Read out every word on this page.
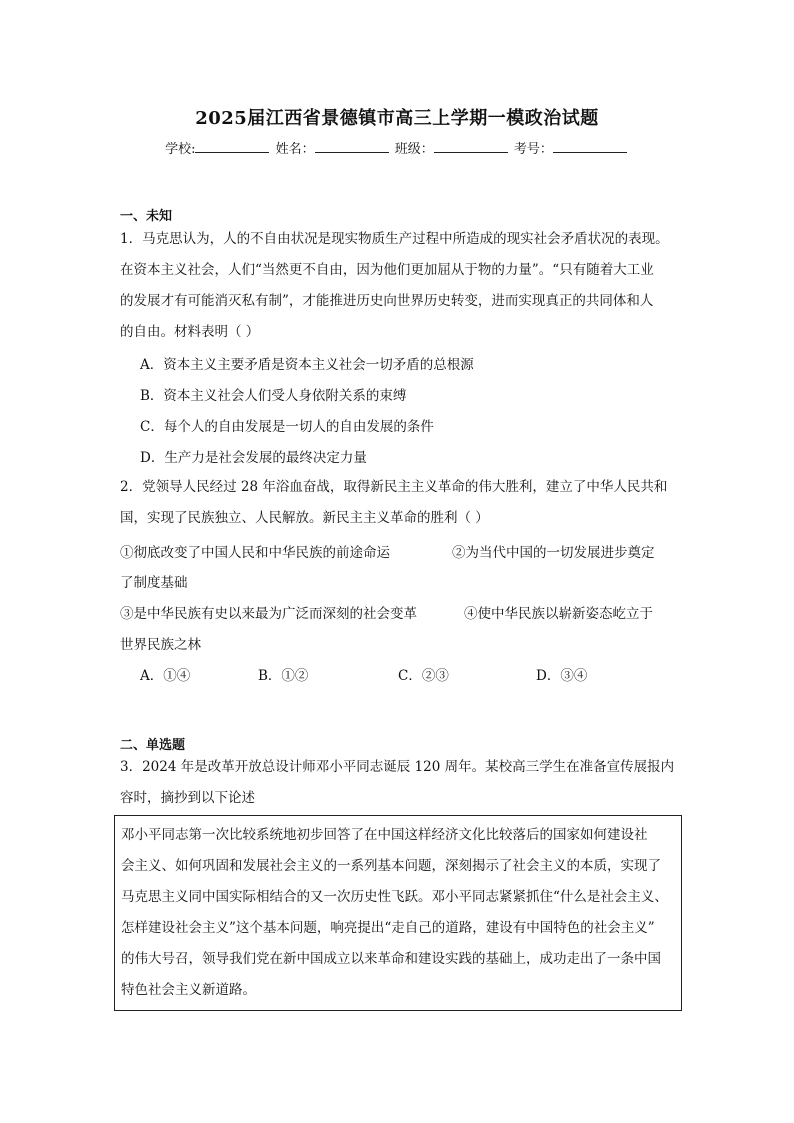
2025届江西省景德镇市高三上学期一模政治试题
学校:	姓名：	班级：	考号：
一、未知
1．马克思认为，人的不自由状况是现实物质生产过程中所造成的现实社会矛盾状况的表现。
在资本主义社会，人们“当然更不自由，因为他们更加屈从于物的力量”。“只有随着大工业
的发展才有可能消灭私有制”，才能推进历史向世界历史转变，进而实现真正的共同体和人
的自由。材料表明（ ）
A．资本主义主要矛盾是资本主义社会一切矛盾的总根源
B．资本主义社会人们受人身依附关系的束缚
C．每个人的自由发展是一切人的自由发展的条件
D．生产力是社会发展的最终决定力量
2．党领导人民经过 28 年浴血奋战，取得新民主主义革命的伟大胜利，建立了中华人民共和
国，实现了民族独立、人民解放。新民主主义革命的胜利（ ）
①彻底改变了中国人民和中华民族的前途命运	②为当代中国的一切发展进步奠定
了制度基础
③是中华民族有史以来最为广泛而深刻的社会变革	④使中华民族以崭新姿态屹立于
世界民族之林
A．①④	B．①②	C．②③	D．③④
二、单选题
3．2024 年是改革开放总设计师邓小平同志诞辰 120 周年。某校高三学生在准备宣传展报内
容时，摘抄到以下论述
邓小平同志第一次比较系统地初步回答了在中国这样经济文化比较落后的国家如何建设社
会主义、如何巩固和发展社会主义的一系列基本问题，深刻揭示了社会主义的本质，实现了
马克思主义同中国实际相结合的又一次历史性飞跃。邓小平同志紧紧抓住“什么是社会主义、
怎样建设社会主义”这个基本问题，响亮提出“走自己的道路，建设有中国特色的社会主义”
的伟大号召，领导我们党在新中国成立以来革命和建设实践的基础上，成功走出了一条中国
特色社会主义新道路。
